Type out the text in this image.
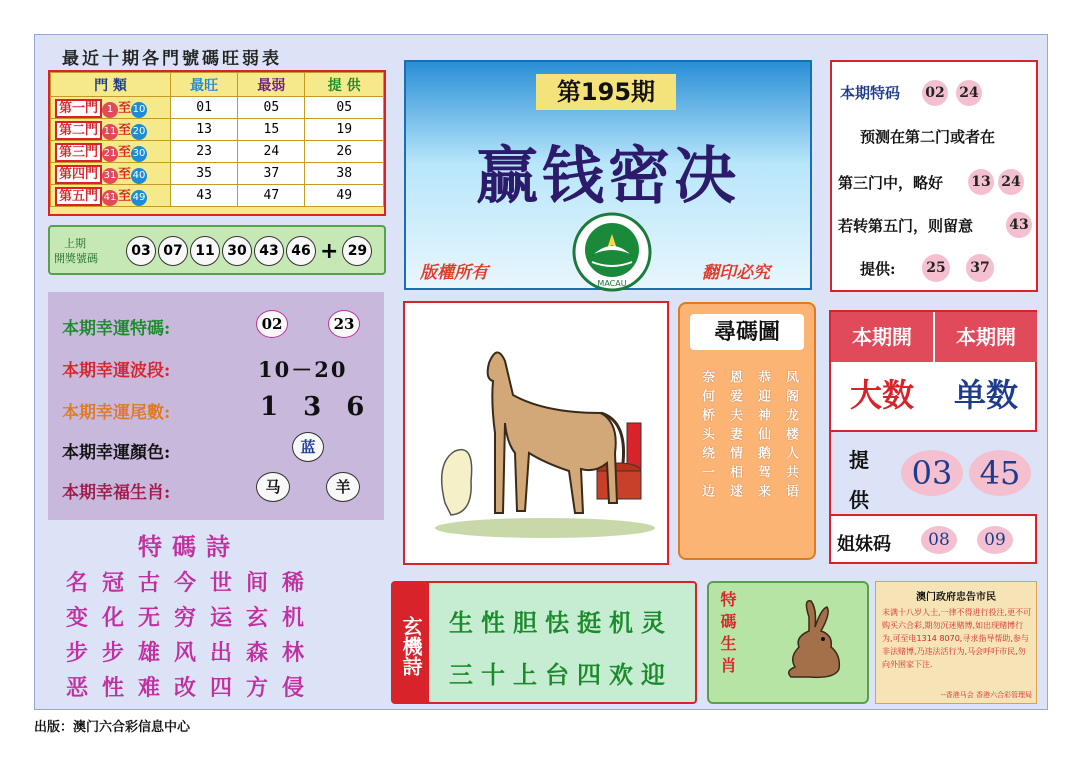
最近十期各門號碼旺弱表
門 類	最旺	最弱	提 供
第一門 1 至 10	01	05	05
第二門 11 至 20	13	15	19
第三門 21 至 30	23	24	26
第四門 31 至 40	35	37	38
第五門 41 至 49	43	47	49
上期
開獎號碼	03 07 11 30 43 46 + 29
第195期
赢钱密决
版權所有	翻印必究
MACAU
本期特码 02 24
预测在第二门或者在
第三门中，略好 13 24
若转第五门，则留意	43
提供:	25	37
本期幸運特碼:	02	23
本期幸運波段:	10－20
本期幸運尾數:	1 3 6
本期幸運顏色:	蓝
本期幸福生肖:	马	羊
尋碼圖
奈何桥头绕一边	恩爱夫妻情相逑	恭迎神仙鹅驾来	凤阁龙楼人共语
本期開	本期開
大数	单数
提供
03 45
姐妹码	08	09
特碼詩
名冠古今世间稀
变化无穷运玄机
步步雄风出森林
恶性难改四方侵
玄機詩 生性胆怯挺机灵
三十上台四欢迎	特碼生肖	澳门政府忠告市民
未满十八岁人士,一律不得进行投注,更不可购买六合彩,期勿沉迷赌博,如出现赌博行为,可至电1314 8070,寻求指导帮助,参与非法赌博,乃违法活行为,马会呼吁市民,勿向外围家下注.
--香港马会 香港六合彩管理局
出版：澳门六合彩信息中心
